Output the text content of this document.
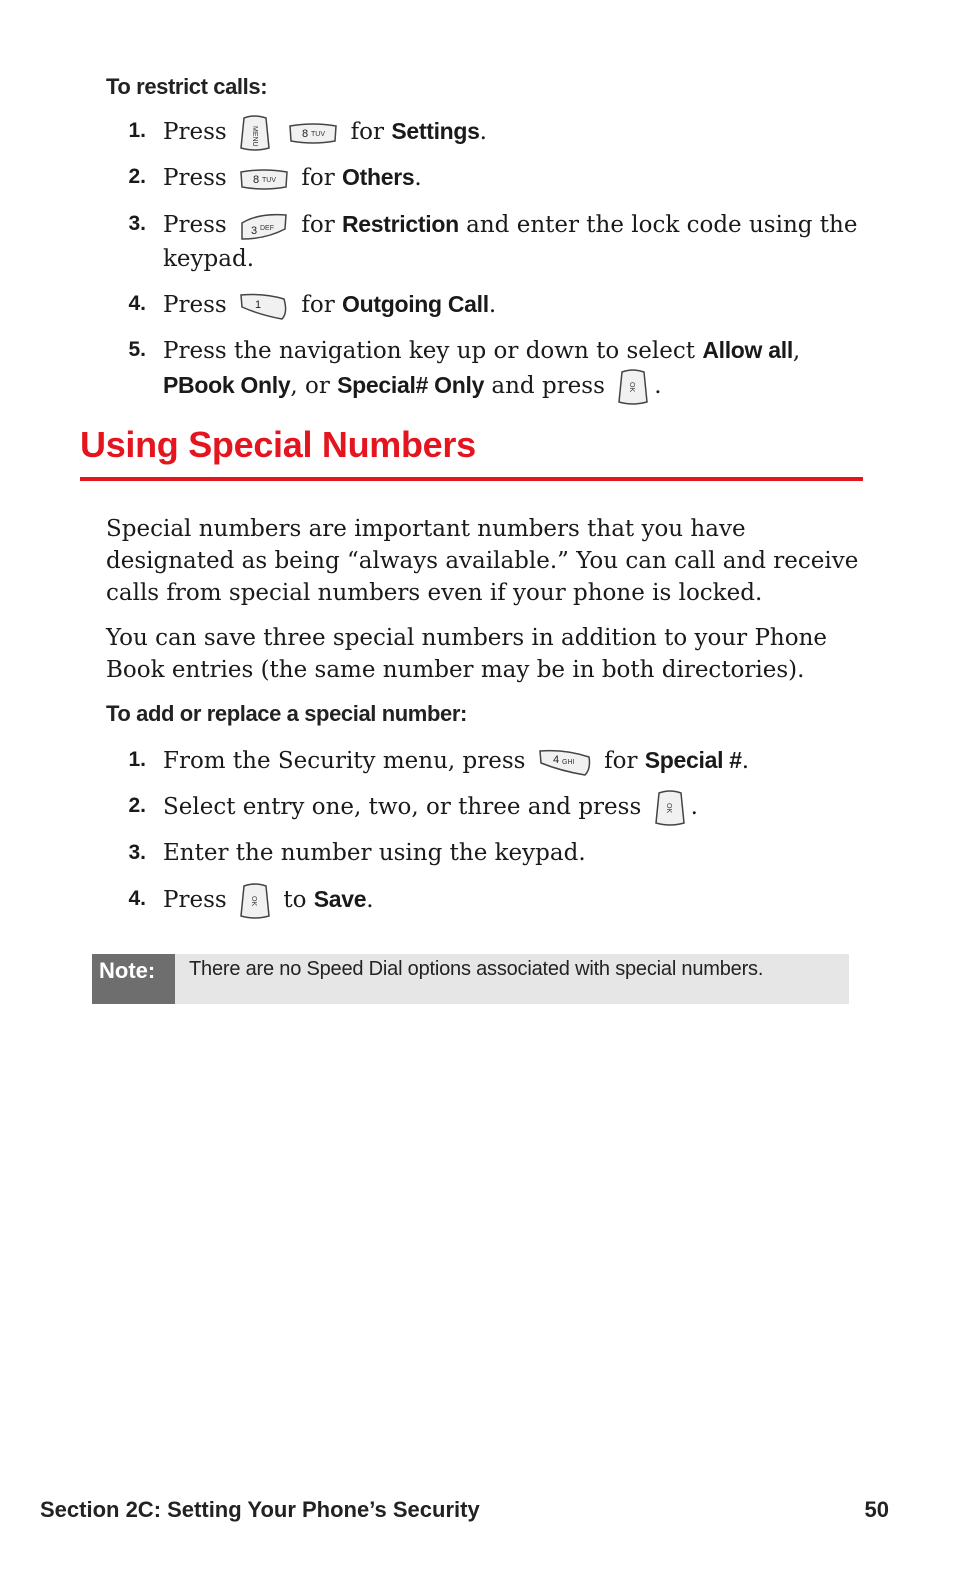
To restrict calls:
1. Press	MENU
	8 TUV for Settings.
2. Press 8 TUV for Others.
3. Press 3 DEF for Restriction and enter the lock code using the keypad.
4. Press	1 for Outgoing Call.
5. Press the navigation key up or down to select Allow all, PBook Only, or Special# Only and press	OK .
Using Special Numbers

Special numbers are important numbers that you have designated as being “always available.” You can call and receive calls from special numbers even if your phone is locked.

You can save three special numbers in addition to your Phone Book entries (the same number may be in both directories).

To add or replace a special number:
1. From the Security menu, press 4 GHI for Special #.
2. Select entry one, two, or three and press	OK .
3. Enter the number using the keypad.
4. Press	OK to Save.
Note:	There are no Speed Dial options associated with special numbers.
Section 2C: Setting Your Phone’s Security	50
